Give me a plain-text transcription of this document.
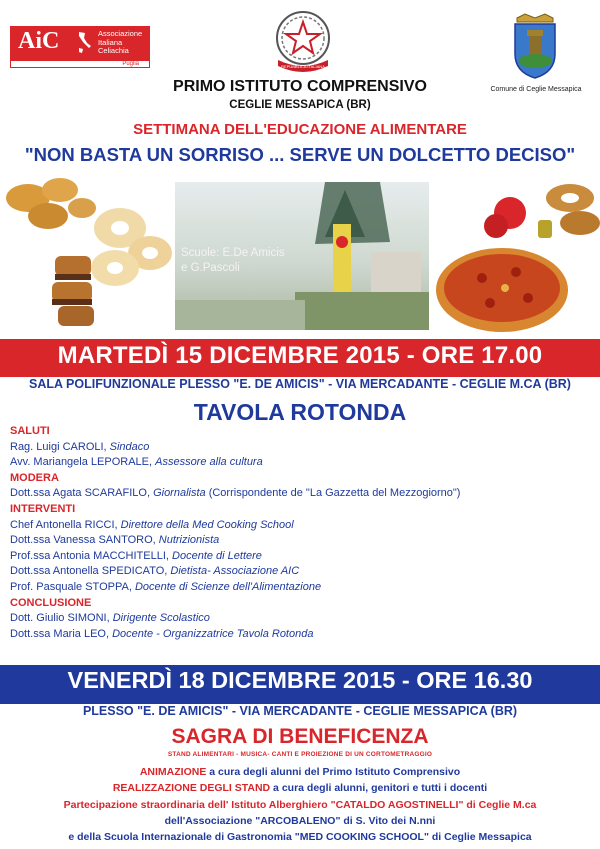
AiC	Associazione
Italiana
Celiachia
Puglia	REPUBBLICA ITALIANA
Comune di Ceglie Messapica
PRIMO ISTITUTO COMPRENSIVO
CEGLIE MESSAPICA (BR)
SETTIMANA DELL'EDUCAZIONE ALIMENTARE
"NON BASTA UN SORRISO ... SERVE UN DOLCETTO DECISO"
Scuole: E.De Amicis
e G.Pascoli
MARTEDÌ 15 DICEMBRE 2015 - ORE 17.00
SALA POLIFUNZIONALE PLESSO "E. DE AMICIS" - VIA MERCADANTE - CEGLIE M.CA (BR)
TAVOLA ROTONDA
SALUTI
Rag. Luigi CAROLI, Sindaco
Avv. Mariangela LEPORALE, Assessore alla cultura
MODERA
Dott.ssa Agata SCARAFILO, Giornalista (Corrispondente de "La Gazzetta del Mezzogiorno")
INTERVENTI
Chef Antonella RICCI, Direttore della Med Cooking School
Dott.ssa Vanessa SANTORO, Nutrizionista
Prof.ssa Antonia MACCHITELLI, Docente di Lettere
Dott.ssa Antonella SPEDICATO, Dietista- Associazione AIC
Prof. Pasquale STOPPA, Docente di Scienze dell'Alimentazione
CONCLUSIONE
Dott. Giulio SIMONI, Dirigente Scolastico
Dott.ssa Maria LEO, Docente - Organizzatrice Tavola Rotonda
VENERDÌ 18 DICEMBRE 2015 - ORE 16.30
PLESSO "E. DE AMICIS" - VIA MERCADANTE - CEGLIE MESSAPICA (BR)
SAGRA DI BENEFICENZA
STAND ALIMENTARI - MUSICA- CANTI E PROIEZIONE DI UN CORTOMETRAGGIO
ANIMAZIONE a cura degli alunni del Primo Istituto Comprensivo
REALIZZAZIONE DEGLI STAND a cura degli alunni, genitori e tutti i docenti
Partecipazione straordinaria dell' Istituto Alberghiero "CATALDO AGOSTINELLI" di Ceglie M.ca
dell'Associazione "ARCOBALENO" di S. Vito dei N.nni
e della Scuola Internazionale di Gastronomia "MED COOKING SCHOOL" di Ceglie Messapica
